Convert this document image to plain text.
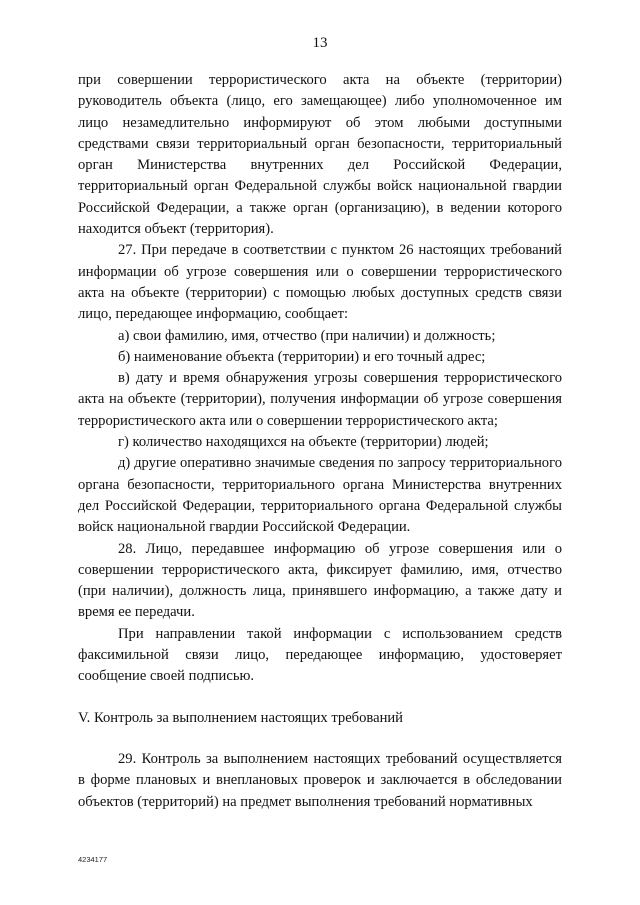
13

при совершении террористического акта на объекте (территории) руководитель объекта (лицо, его замещающее) либо уполномоченное им лицо незамедлительно информируют об этом любыми доступными средствами связи территориальный орган безопасности, территориальный орган Министерства внутренних дел Российской Федерации, территориальный орган Федеральной службы войск национальной гвардии Российской Федерации, а также орган (организацию), в ведении которого находится объект (территория).

27. При передаче в соответствии с пунктом 26 настоящих требований информации об угрозе совершения или о совершении террористического акта на объекте (территории) с помощью любых доступных средств связи лицо, передающее информацию, сообщает:

а) свои фамилию, имя, отчество (при наличии) и должность;

б) наименование объекта (территории) и его точный адрес;

в) дату и время обнаружения угрозы совершения террористического акта на объекте (территории), получения информации об угрозе совершения террористического акта или о совершении террористического акта;

г) количество находящихся на объекте (территории) людей;

д) другие оперативно значимые сведения по запросу территориального органа безопасности, территориального органа Министерства внутренних дел Российской Федерации, территориального органа Федеральной службы войск национальной гвардии Российской Федерации.

28. Лицо, передавшее информацию об угрозе совершения или о совершении террористического акта, фиксирует фамилию, имя, отчество (при наличии), должность лица, принявшего информацию, а также дату и время ее передачи.

При направлении такой информации с использованием средств факсимильной связи лицо, передающее информацию, удостоверяет сообщение своей подписью.

V. Контроль за выполнением настоящих требований

29. Контроль за выполнением настоящих требований осуществляется в форме плановых и внеплановых проверок и заключается в обследовании объектов (территорий) на предмет выполнения требований нормативных

4234177
